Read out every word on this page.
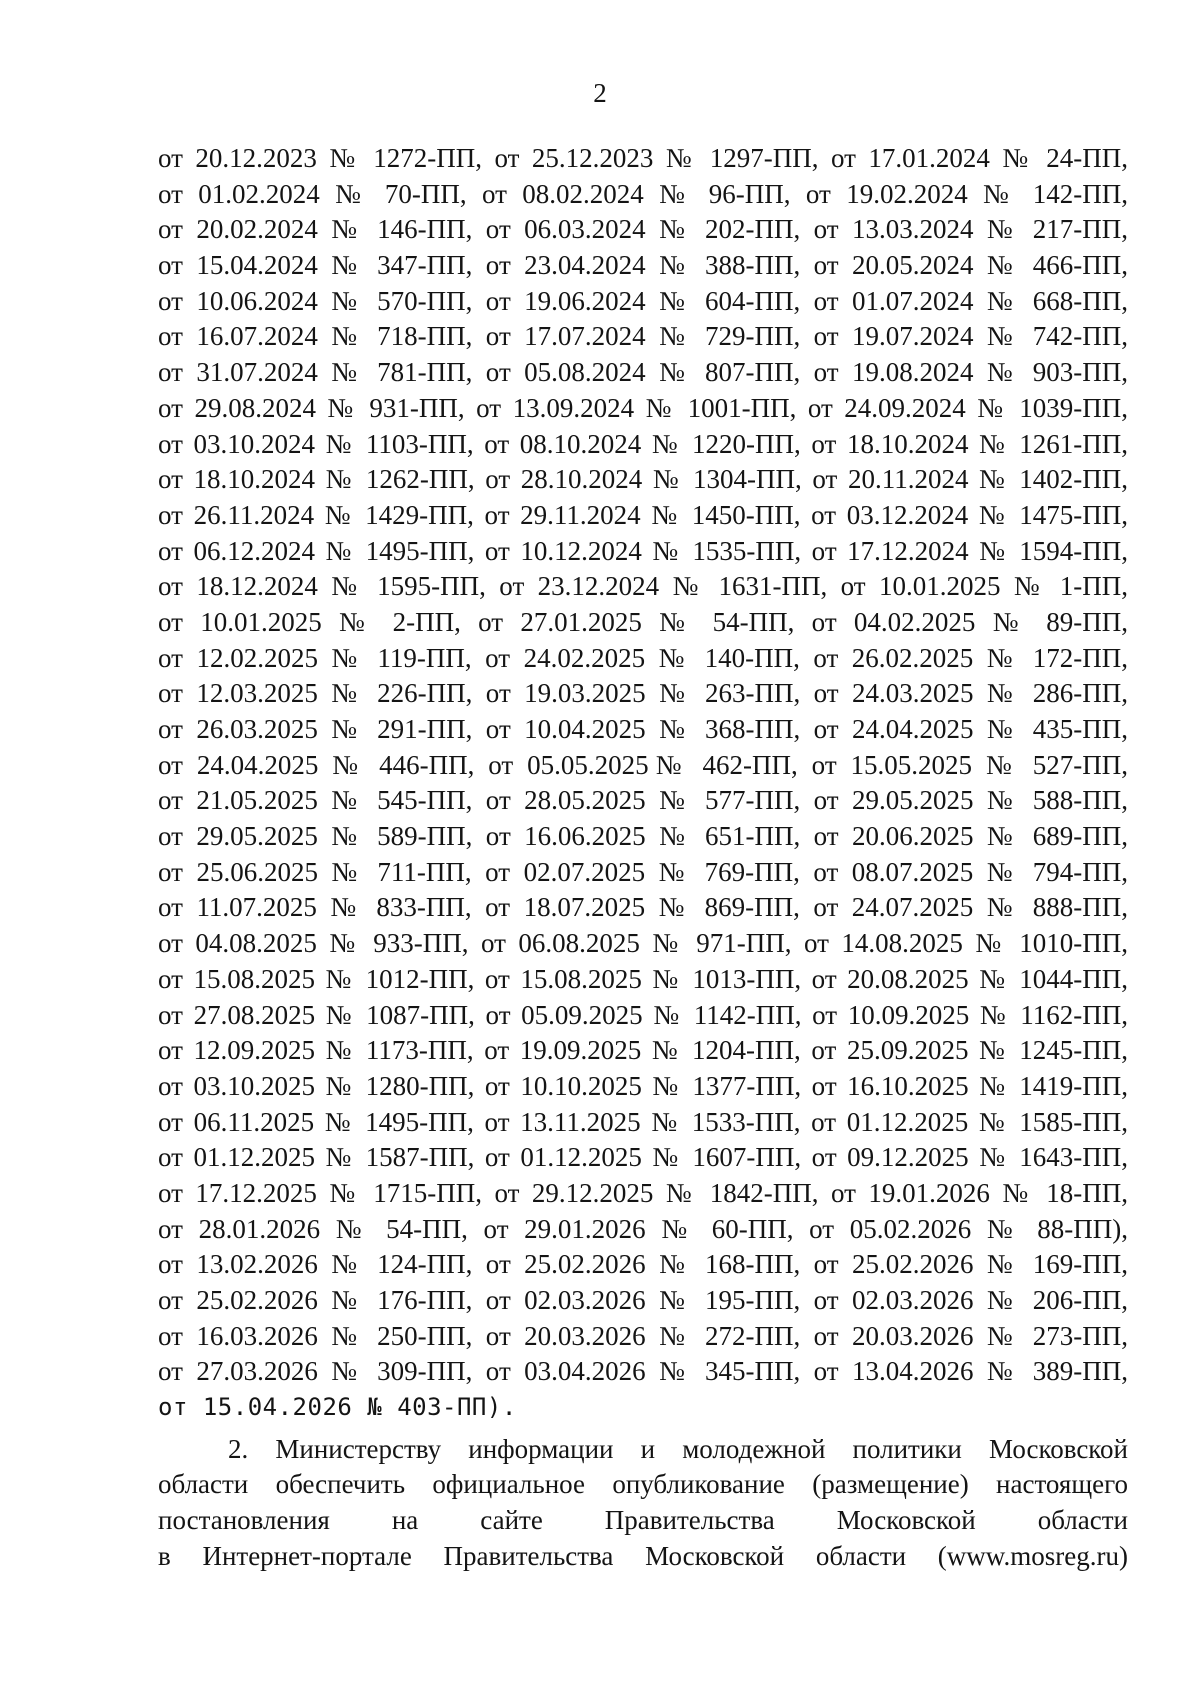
2
от 20.12.2023 № 1272-ПП, от 25.12.2023 № 1297-ПП, от 17.01.2024 № 24-ПП,
от 01.02.2024 № 70-ПП, от 08.02.2024 № 96-ПП, от 19.02.2024 № 142-ПП,
от 20.02.2024 № 146-ПП, от 06.03.2024 № 202-ПП, от 13.03.2024 № 217-ПП,
от 15.04.2024 № 347-ПП, от 23.04.2024 № 388-ПП, от 20.05.2024 № 466-ПП,
от 10.06.2024 № 570-ПП, от 19.06.2024 № 604-ПП, от 01.07.2024 № 668-ПП,
от 16.07.2024 № 718-ПП, от 17.07.2024 № 729-ПП, от 19.07.2024 № 742-ПП,
от 31.07.2024 № 781-ПП, от 05.08.2024 № 807-ПП, от 19.08.2024 № 903-ПП,
от 29.08.2024 № 931-ПП, от 13.09.2024 № 1001-ПП, от 24.09.2024 № 1039-ПП,
от 03.10.2024 № 1103-ПП, от 08.10.2024 № 1220-ПП, от 18.10.2024 № 1261-ПП,
от 18.10.2024 № 1262-ПП, от 28.10.2024 № 1304-ПП, от 20.11.2024 № 1402-ПП,
от 26.11.2024 № 1429-ПП, от 29.11.2024 № 1450-ПП, от 03.12.2024 № 1475-ПП,
от 06.12.2024 № 1495-ПП, от 10.12.2024 № 1535-ПП, от 17.12.2024 № 1594-ПП,
от 18.12.2024 № 1595-ПП, от 23.12.2024 № 1631-ПП, от 10.01.2025 № 1-ПП,
от 10.01.2025 № 2-ПП, от 27.01.2025 № 54-ПП, от 04.02.2025 № 89-ПП,
от 12.02.2025 № 119-ПП, от 24.02.2025 № 140-ПП, от 26.02.2025 № 172-ПП,
от 12.03.2025 № 226-ПП, от 19.03.2025 № 263-ПП, от 24.03.2025 № 286-ПП,
от 26.03.2025 № 291-ПП, от 10.04.2025 № 368-ПП, от 24.04.2025 № 435-ПП,
от 24.04.2025 № 446-ПП, от 05.05.2025№ 462-ПП, от 15.05.2025 № 527-ПП,
от 21.05.2025 № 545-ПП, от 28.05.2025 № 577-ПП, от 29.05.2025 № 588-ПП,
от 29.05.2025 № 589-ПП, от 16.06.2025 № 651-ПП, от 20.06.2025 № 689-ПП,
от 25.06.2025 № 711-ПП, от 02.07.2025 № 769-ПП, от 08.07.2025 № 794-ПП,
от 11.07.2025 № 833-ПП, от 18.07.2025 № 869-ПП, от 24.07.2025 № 888-ПП,
от 04.08.2025 № 933-ПП, от 06.08.2025 № 971-ПП, от 14.08.2025 № 1010-ПП,
от 15.08.2025 № 1012-ПП, от 15.08.2025 № 1013-ПП, от 20.08.2025 № 1044-ПП,
от 27.08.2025 № 1087-ПП, от 05.09.2025 № 1142-ПП, от 10.09.2025 № 1162-ПП,
от 12.09.2025 № 1173-ПП, от 19.09.2025 № 1204-ПП, от 25.09.2025 № 1245-ПП,
от 03.10.2025 № 1280-ПП, от 10.10.2025 № 1377-ПП, от 16.10.2025 № 1419-ПП,
от 06.11.2025 № 1495-ПП, от 13.11.2025 № 1533-ПП, от 01.12.2025 № 1585-ПП,
от 01.12.2025 № 1587-ПП, от 01.12.2025 № 1607-ПП, от 09.12.2025 № 1643-ПП,
от 17.12.2025 № 1715-ПП, от 29.12.2025 № 1842-ПП, от 19.01.2026 № 18-ПП,
от 28.01.2026 № 54-ПП, от 29.01.2026 № 60-ПП, от 05.02.2026 № 88-ПП),
от 13.02.2026 № 124-ПП, от 25.02.2026 № 168-ПП, от 25.02.2026 № 169-ПП,
от 25.02.2026 № 176-ПП, от 02.03.2026 № 195-ПП, от 02.03.2026 № 206-ПП,
от 16.03.2026 № 250-ПП, от 20.03.2026 № 272-ПП, от 20.03.2026 № 273-ПП,
от 27.03.2026 № 309-ПП, от 03.04.2026 № 345-ПП, от 13.04.2026 № 389-ПП,
от 15.04.2026 № 403-ПП).
2. Министерству информации и молодежной политики Московской
области обеспечить официальное опубликование (размещение) настоящего
постановления на сайте Правительства Московской области
в Интернет-портале Правительства Московской области (www.mosreg.ru)
